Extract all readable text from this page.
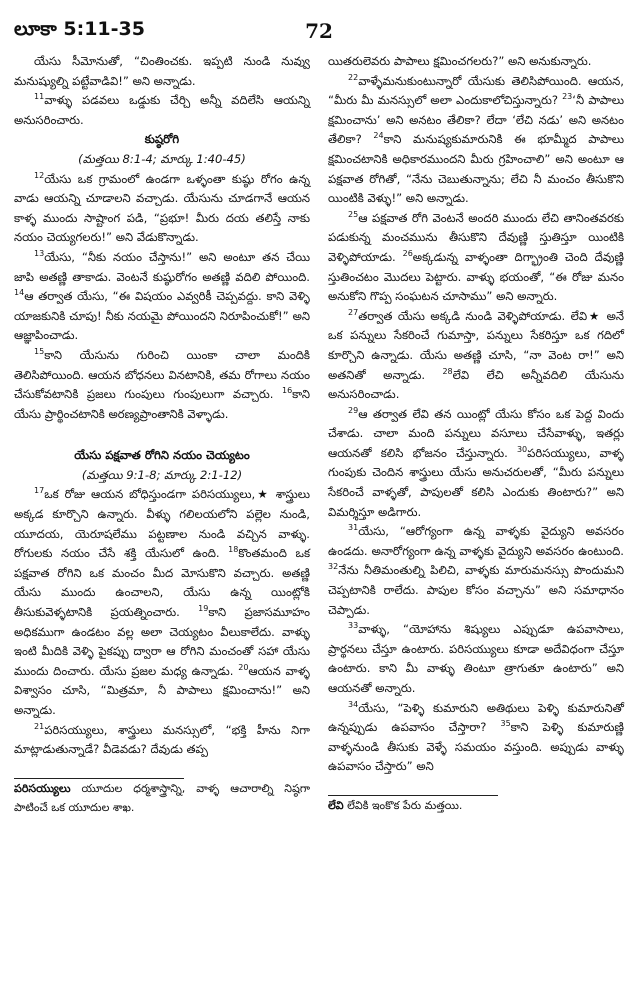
లూకా 5:11-35	72

యేసు సీమోనుతో, “చింతించకు. ఇప్పటి నుండి నువ్వు మనుష్యుల్ని పట్టేవాడివి!” అని అన్నాడు.

$^{11}$వాళ్ళు పడవలు ఒడ్డుకు చేర్చి అన్నీ వదిలేసి ఆయన్ని అనుసరించారు.

కుష్ఠరోగి

(మత్తయి 8:1-4; మార్కు 1:40-45)

$^{12}$యేసు ఒక గ్రామంలో ఉండగా ఒళ్ళంతా కుష్ఠు రోగం ఉన్న వాడు ఆయన్ని చూడాలని వచ్చాడు. యేసును చూడగానే ఆయన కాళ్ళ ముందు సాష్టాంగ పడి, “ప్రభూ! మీరు దయ తలిస్తే నాకు నయం చెయ్యగలరు!” అని వేడుకొన్నాడు.

$^{13}$యేసు, “నీకు నయం చేస్తాను!” అని అంటూ తన చేయి జాపి అతణ్ణి తాకాడు. వెంటనే కుష్ఠురోగం అతణ్ణి వదిలి పోయింది. $^{14}$ఆ తర్వాత యేసు, “ఈ విషయం ఎవ్వరికీ చెప్పవద్దు. కాని వెళ్ళి యాజకునికి చూపు! నీకు నయమై పోయిందని నిరూపించుకో!” అని ఆజ్ఞాపించాడు.

$^{15}$కాని యేసును గురించి యింకా చాలా మందికి తెలిసిపోయింది. ఆయన బోధనలు వినటానికి, తమ రోగాలు నయం చేసుకోవటానికి ప్రజలు గుంపులు గుంపులుగా వచ్చారు. $^{16}$కాని యేసు ప్రార్థించటానికి అరణ్యప్రాంతానికి వెళ్ళాడు.

యేసు పక్షవాత రోగిని నయం చెయ్యటం

(మత్తయి 9:1-8; మార్కు 2:1-12)

$^{17}$ఒక రోజు ఆయన బోధిస్తుండగా పరిసయ్యులు,★ శాస్త్రులు అక్కడ కూర్చొని ఉన్నారు. వీళ్ళు గలిలయలోని పల్లెల నుండి, యూదయ, యెరూషలేము పట్టణాల నుండి వచ్చిన వాళ్ళు. రోగులకు నయం చేసే శక్తి యేసులో ఉంది. $^{18}$కొంతమంది ఒక పక్షవాత రోగిని ఒక మంచం మీద మోసుకొని వచ్చారు. అతణ్ణి యేసు ముందు ఉంచాలని, యేసు ఉన్న యింట్లోకి తీసుకువెళ్ళటానికి ప్రయత్నించారు. $^{19}$కాని ప్రజాసమూహం అధికముగా ఉండటం వల్ల అలా చెయ్యటం వీలుకాలేదు. వాళ్ళు ఇంటి మీదికి వెళ్ళి పైకప్పు ద్వారా ఆ రోగిని మంచంతో సహా యేసు ముందు దించారు. యేసు ప్రజల మధ్య ఉన్నాడు. $^{20}$ఆయన వాళ్ళ విశ్వాసం చూసి, “మిత్రమా, నీ పాపాలు క్షమించాను!” అని అన్నాడు.

$^{21}$పరిసయ్యులు, శాస్త్రులు మనస్సులో, “భక్తి హీను నిగా మాట్లాడుతున్నాడే? వీడెవడు? దేవుడు తప్ప

పరిసయ్యులు యూదుల ధర్మశాస్త్రాన్ని, వాళ్ళ ఆచారాల్ని నిష్ఠగా పాటించే ఒక యూదుల శాఖ.

యితరులెవరు పాపాలు క్షమించగలరు?” అని అనుకున్నారు.

$^{22}$వాళ్ళేమనుకుంటున్నారో యేసుకు తెలిసిపోయింది. ఆయన, “మీరు మీ మనస్సులో అలా ఎందుకాలోచిస్తున్నారు? $^{23}$‘నీ పాపాలు క్షమించాను’ అని అనటం తేలికా? లేదా ‘లేచి నడు’ అని అనటం తేలికా? $^{24}$కాని మనుష్యకుమారునికి ఈ భూమ్మీద పాపాలు క్షమించటానికి అధికారముందని మీరు గ్రహించాలి” అని అంటూ ఆ పక్షవాత రోగితో, “నేను చెబుతున్నాను; లేచి నీ మంచం తీసుకొని యింటికి వెళ్ళు!” అని అన్నాడు.

$^{25}$ఆ పక్షవాత రోగి వెంటనే అందరి ముందు లేచి తానింతవరకు పడుకున్న మంచమును తీసుకొని దేవుణ్ణి స్తుతిస్తూ యింటికి వెళ్ళిపోయాడు. $^{26}$అక్కడున్న వాళ్ళంతా దిగ్భ్రాంతి చెంది దేవుణ్ణి స్తుతించటం మొదలు పెట్టారు. వాళ్ళు భయంతో, “ఈ రోజు మనం అనుకోని గొప్ప సంఘటన చూసాము” అని అన్నారు.

$^{27}$తర్వాత యేసు అక్కడి నుండి వెళ్ళిపోయాడు. లేవి★ అనే ఒక పన్నులు సేకరించే గుమాస్తా, పన్నులు సేకరిస్తూ ఒక గదిలో కూర్చొని ఉన్నాడు. యేసు అతణ్ణి చూసి, “నా వెంట రా!” అని అతనితో అన్నాడు. $^{28}$లేవి లేచి అన్నీవదిలి యేసును అనుసరించాడు.

$^{29}$ఆ తర్వాత లేవి తన యింట్లో యేసు కోసం ఒక పెద్ద విందు చేశాడు. చాలా మంది పన్నులు వసూలు చేసేవాళ్ళు, ఇతర్లు ఆయనతో కలిసి భోజనం చేస్తున్నారు. $^{30}$పరిసయ్యులు, వాళ్ళ గుంపుకు చెందిన శాస్త్రులు యేసు అనుచరులతో, “మీరు పన్నులు సేకరించే వాళ్ళతో, పాపులతో కలిసి ఎందుకు తింటారు?” అని విమర్శిస్తూ అడిగారు.

$^{31}$యేసు, “ఆరోగ్యంగా ఉన్న వాళ్ళకు వైద్యుని అవసరం ఉండదు. అనారోగ్యంగా ఉన్న వాళ్ళకు వైద్యుని అవసరం ఉంటుంది. $^{32}$నేను నీతిమంతుల్ని పిలిచి, వాళ్ళకు మారుమనస్సు పొందుమని చెప్పటానికి రాలేదు. పాపుల కోసం వచ్చాను” అని సమాధానం చెప్పాడు.

$^{33}$వాళ్ళు, “యోహాను శిష్యులు ఎప్పుడూ ఉపవాసాలు, ప్రార్థనలు చేస్తూ ఉంటారు. పరిసయ్యులు కూడా అదేవిధంగా చేస్తూ ఉంటారు. కాని మీ వాళ్ళు తింటూ త్రాగుతూ ఉంటారు” అని ఆయనతో అన్నారు.

$^{34}$యేసు, “పెళ్ళి కుమారుని అతిథులు పెళ్ళి కుమారునితో ఉన్నప్పుడు ఉపవాసం చేస్తారా? $^{35}$కాని పెళ్ళి కుమారుణ్ణి వాళ్ళనుండి తీసుకు వెళ్ళే సమయం వస్తుంది. అప్పుడు వాళ్ళు ఉపవాసం చేస్తారు” అని

లేవి లేవికి ఇంకొక పేరు మత్తయి.
